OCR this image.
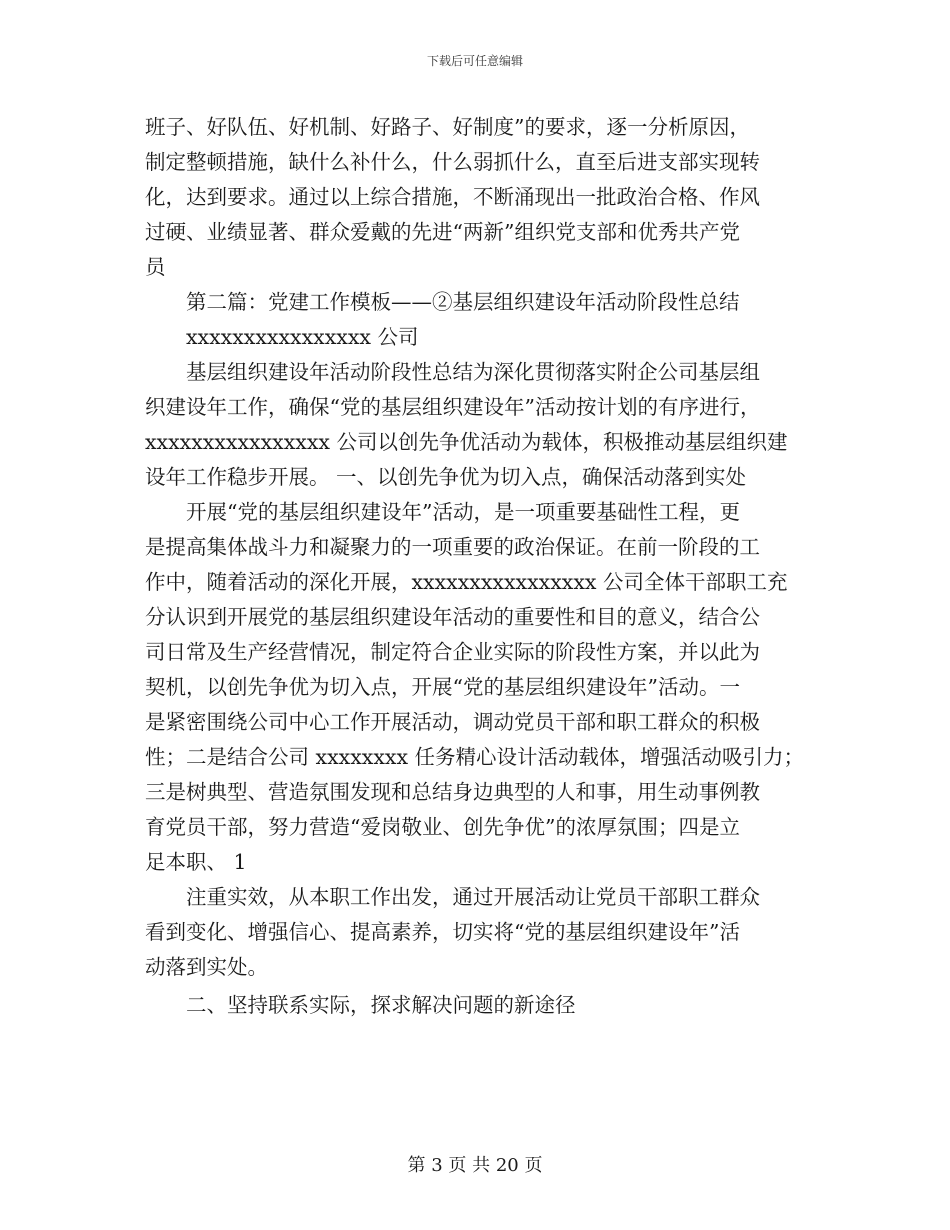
下载后可任意编辑
班子、好队伍、好机制、好路子、好制度”的要求，逐一分析原因，
制定整顿措施，缺什么补什么，什么弱抓什么，直至后进支部实现转
化，达到要求。通过以上综合措施，不断涌现出一批政治合格、作风
过硬、业绩显著、群众爱戴的先进“两新”组织党支部和优秀共产党
员
第二篇：党建工作模板——②基层组织建设年活动阶段性总结
xxxxxxxxxxxxxxxx 公司
基层组织建设年活动阶段性总结为深化贯彻落实附企公司基层组
织建设年工作，确保“党的基层组织建设年”活动按计划的有序进行，
xxxxxxxxxxxxxxxx 公司以创先争优活动为载体，积极推动基层组织建
设年工作稳步开展。 一、以创先争优为切入点，确保活动落到实处
开展“党的基层组织建设年”活动，是一项重要基础性工程，更
是提高集体战斗力和凝聚力的一项重要的政治保证。在前一阶段的工
作中，随着活动的深化开展，xxxxxxxxxxxxxxxx 公司全体干部职工充
分认识到开展党的基层组织建设年活动的重要性和目的意义，结合公
司日常及生产经营情况，制定符合企业实际的阶段性方案，并以此为
契机，以创先争优为切入点，开展“党的基层组织建设年”活动。一
是紧密围绕公司中心工作开展活动，调动党员干部和职工群众的积极
性；二是结合公司 xxxxxxxx 任务精心设计活动载体，增强活动吸引力；
三是树典型、营造氛围发现和总结身边典型的人和事，用生动事例教
育党员干部，努力营造“爱岗敬业、创先争优”的浓厚氛围；四是立
足本职、 1
注重实效，从本职工作出发，通过开展活动让党员干部职工群众
看到变化、增强信心、提高素养，切实将“党的基层组织建设年”活
动落到实处。
二、坚持联系实际，探求解决问题的新途径
第 3 页 共 20 页
